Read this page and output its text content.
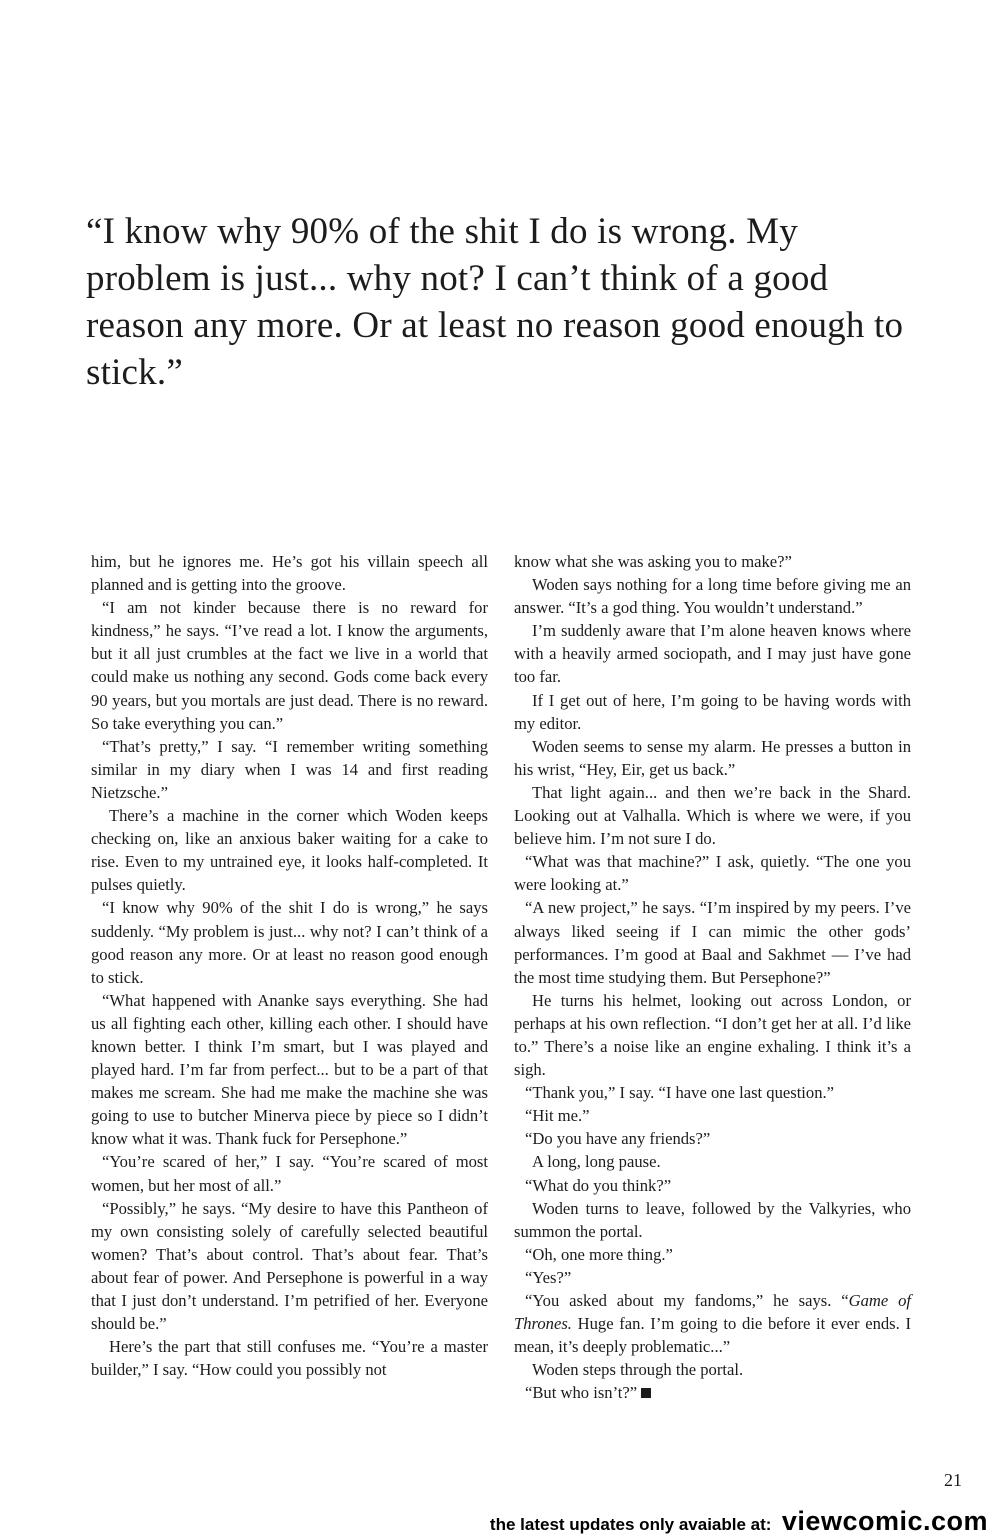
“I know why 90% of the shit I do is wrong. My problem is just... why not? I can’t think of a good reason any more. Or at least no reason good enough to stick.”

him, but he ignores me. He’s got his villain speech all planned and is getting into the groove.

“I am not kinder because there is no reward for kindness,” he says. “I’ve read a lot. I know the arguments, but it all just crumbles at the fact we live in a world that could make us nothing any second. Gods come back every 90 years, but you mortals are just dead. There is no reward. So take everything you can.”

“That’s pretty,” I say. “I remember writing something similar in my diary when I was 14 and first reading Nietzsche.”

There’s a machine in the corner which Woden keeps checking on, like an anxious baker waiting for a cake to rise. Even to my untrained eye, it looks half-completed. It pulses quietly.

“I know why 90% of the shit I do is wrong,” he says suddenly. “My problem is just... why not? I can’t think of a good reason any more. Or at least no reason good enough to stick.

“What happened with Ananke says everything. She had us all fighting each other, killing each other. I should have known better. I think I’m smart, but I was played and played hard. I’m far from perfect... but to be a part of that makes me scream. She had me make the machine she was going to use to butcher Minerva piece by piece so I didn’t know what it was. Thank fuck for Persephone.”

“You’re scared of her,” I say. “You’re scared of most women, but her most of all.”

“Possibly,” he says. “My desire to have this Pantheon of my own consisting solely of carefully selected beautiful women? That’s about control. That’s about fear. That’s about fear of power. And Persephone is powerful in a way that I just don’t understand. I’m petrified of her. Everyone should be.”

Here’s the part that still confuses me. “You’re a master builder,” I say. “How could you possibly not

know what she was asking you to make?”

Woden says nothing for a long time before giving me an answer. “It’s a god thing. You wouldn’t understand.”

I’m suddenly aware that I’m alone heaven knows where with a heavily armed sociopath, and I may just have gone too far.

If I get out of here, I’m going to be having words with my editor.

Woden seems to sense my alarm. He presses a button in his wrist, “Hey, Eir, get us back.”

That light again... and then we’re back in the Shard. Looking out at Valhalla. Which is where we were, if you believe him. I’m not sure I do.

“What was that machine?” I ask, quietly. “The one you were looking at.”

“A new project,” he says. “I’m inspired by my peers. I’ve always liked seeing if I can mimic the other gods’ performances. I’m good at Baal and Sakhmet — I’ve had the most time studying them. But Persephone?”

He turns his helmet, looking out across London, or perhaps at his own reflection. “I don’t get her at all. I’d like to.” There’s a noise like an engine exhaling. I think it’s a sigh.

“Thank you,” I say. “I have one last question.”

“Hit me.”

“Do you have any friends?”

A long, long pause.

“What do you think?”

Woden turns to leave, followed by the Valkyries, who summon the portal.

“Oh, one more thing.”

“Yes?”

“You asked about my fandoms,” he says. “Game of Thrones. Huge fan. I’m going to die before it ever ends. I mean, it’s deeply problematic...”

Woden steps through the portal.

“But who isn’t?”

21
the latest updates only avaiable at: viewcomic.com
